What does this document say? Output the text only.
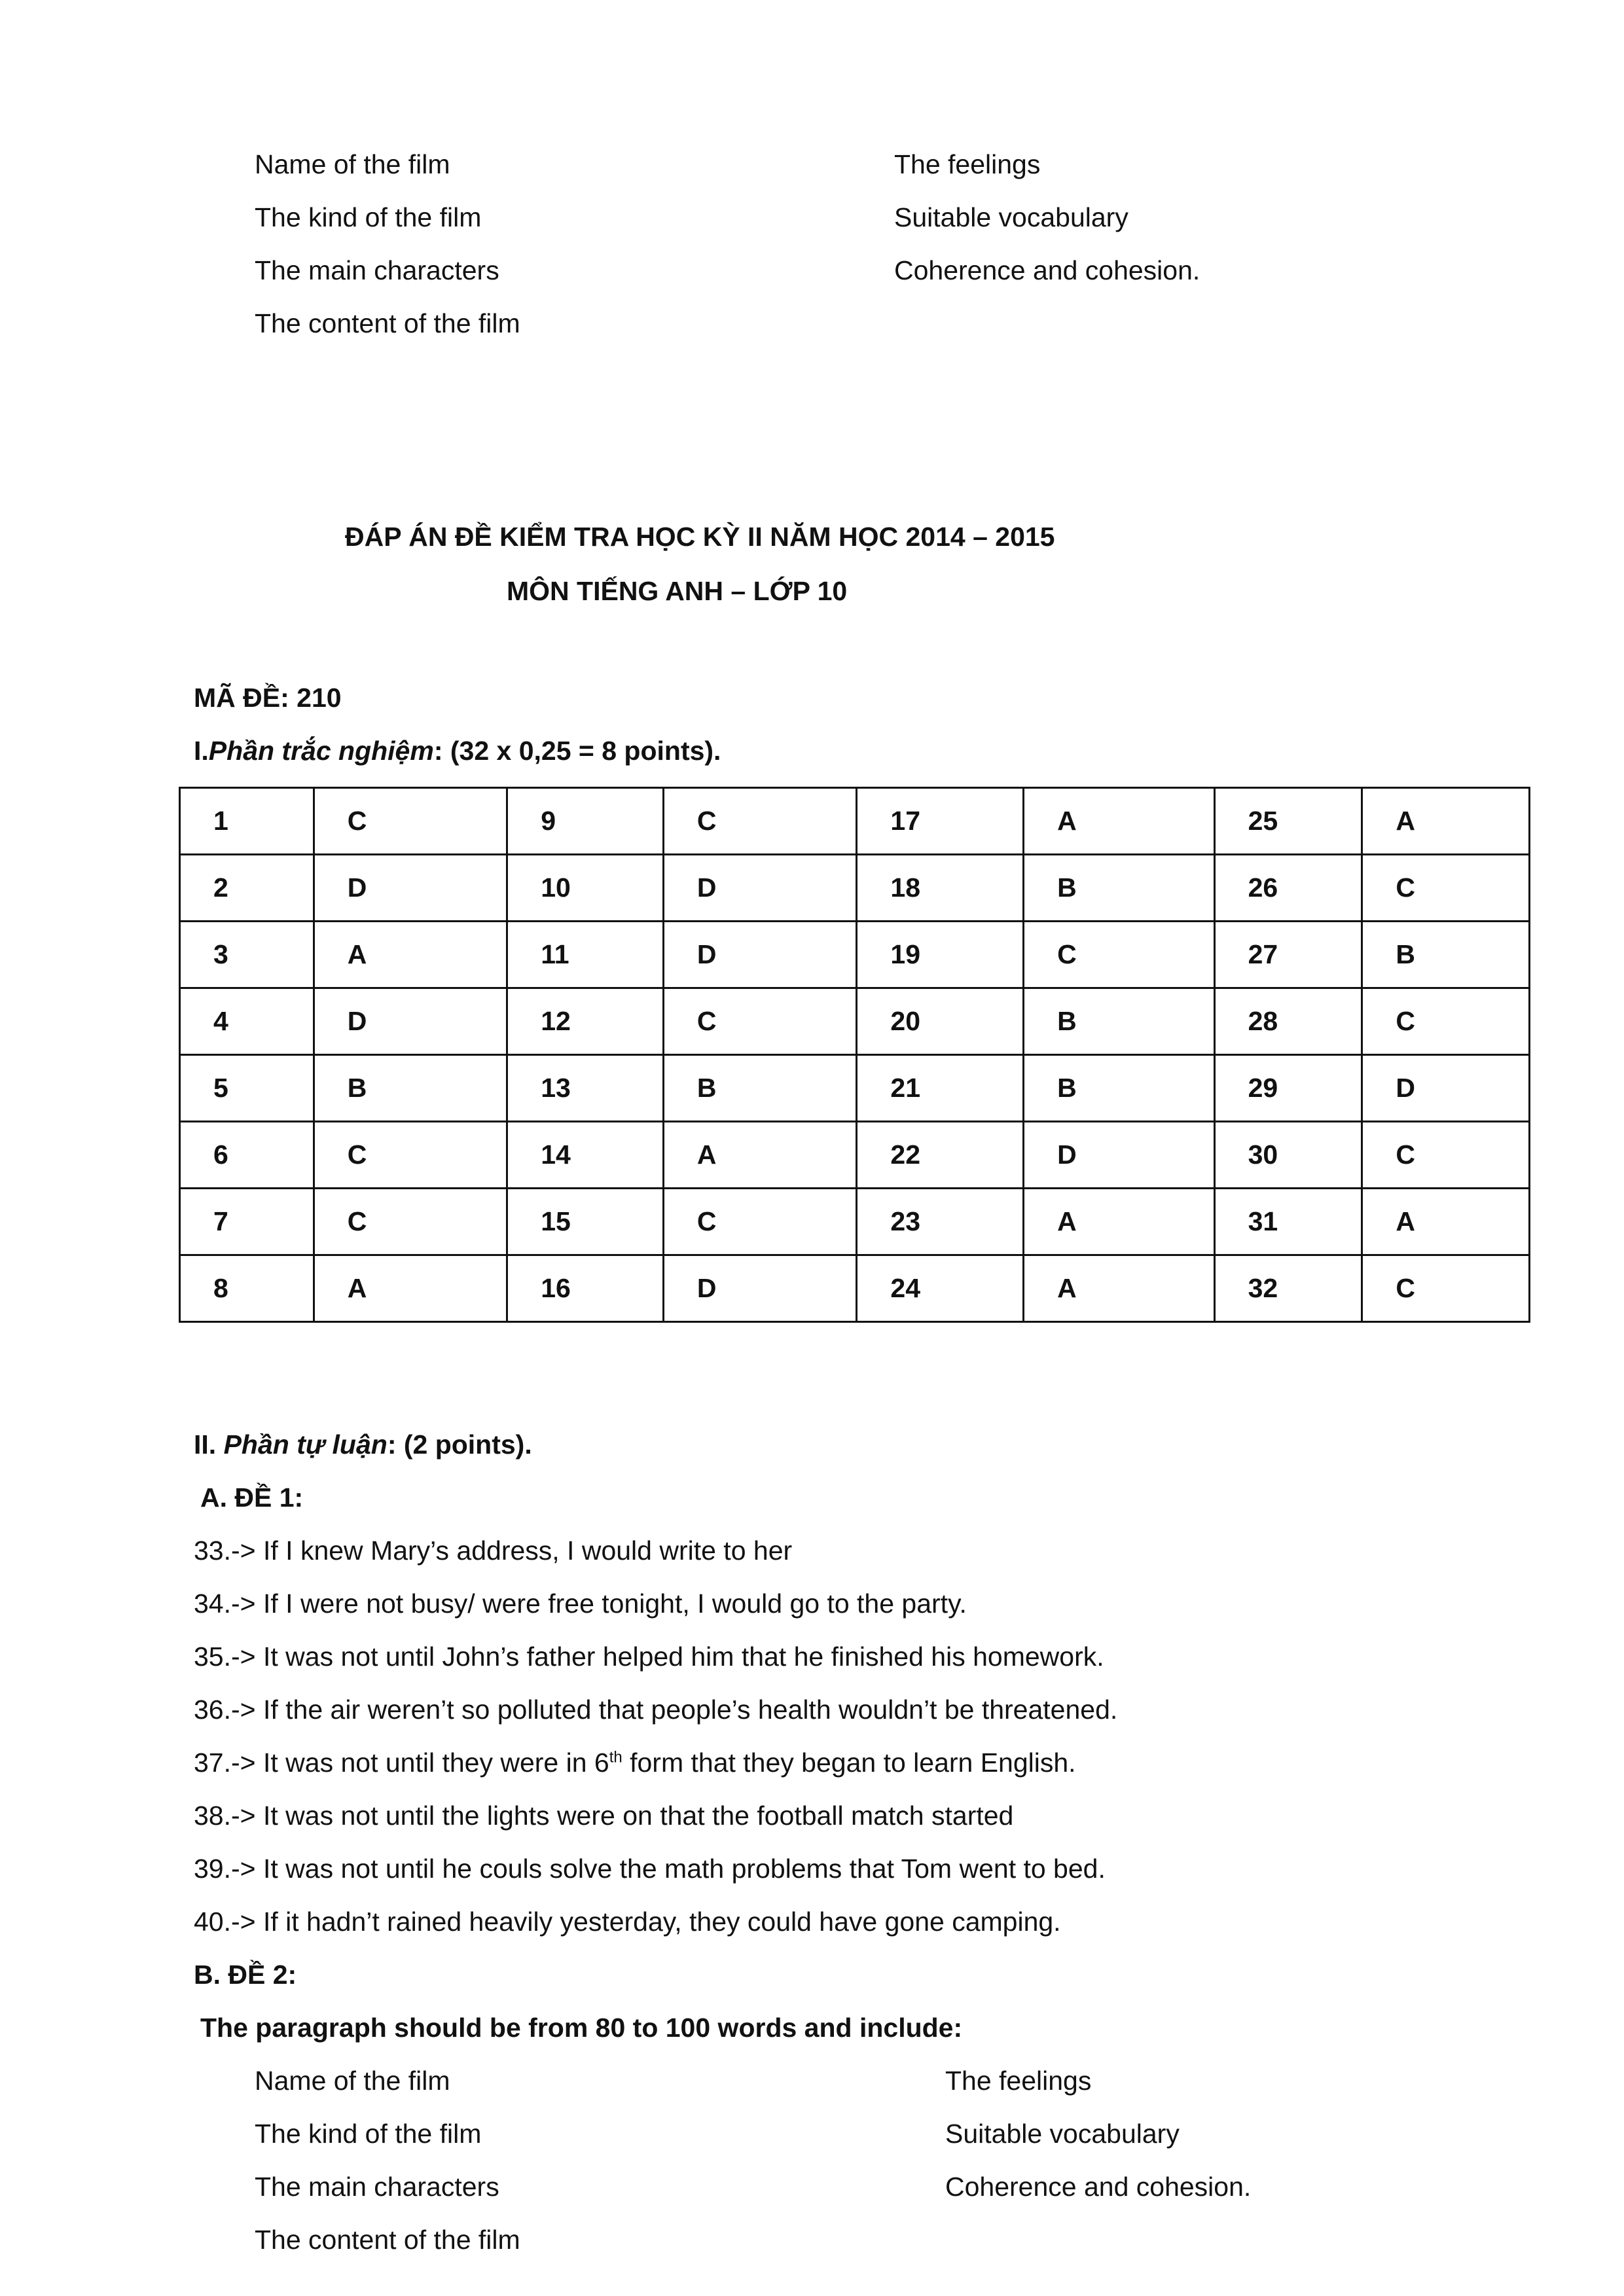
Name of the film
The kind of the film
The main characters
The content of the film
The feelings
Suitable vocabulary
Coherence and cohesion.
ĐÁP ÁN ĐỀ KIỂM TRA HỌC KỲ II NĂM HỌC 2014 – 2015
MÔN TIẾNG ANH – LỚP 10
MÃ ĐỀ: 210
I.Phần trắc nghiệm: (32 x 0,25 = 8 points).
1	C	9	C	17	A	25	A
2	D	10	D	18	B	26	C
3	A	11	D	19	C	27	B
4	D	12	C	20	B	28	C
5	B	13	B	21	B	29	D
6	C	14	A	22	D	30	C
7	C	15	C	23	A	31	A
8	A	16	D	24	A	32	C
II. Phần tự luận: (2 points).
A. ĐỀ 1:
33.-> If I knew Mary’s address, I would write to her
34.-> If I were not busy/ were free tonight, I would go to the party.
35.-> It was not until John’s father helped him that he finished his homework.
36.-> If the air weren’t so polluted that people’s health wouldn’t be threatened.
37.-> It was not until they were in 6th form that they began to learn English.
38.-> It was not until the lights were on that the football match started
39.-> It was not until he couls solve the math problems that Tom went to bed.
40.-> If it hadn’t rained heavily yesterday, they could have gone camping.
B. ĐỀ 2:
The paragraph should be from 80 to 100 words and include:
Name of the film
The kind of the film
The main characters
The content of the film
The feelings
Suitable vocabulary
Coherence and cohesion.
